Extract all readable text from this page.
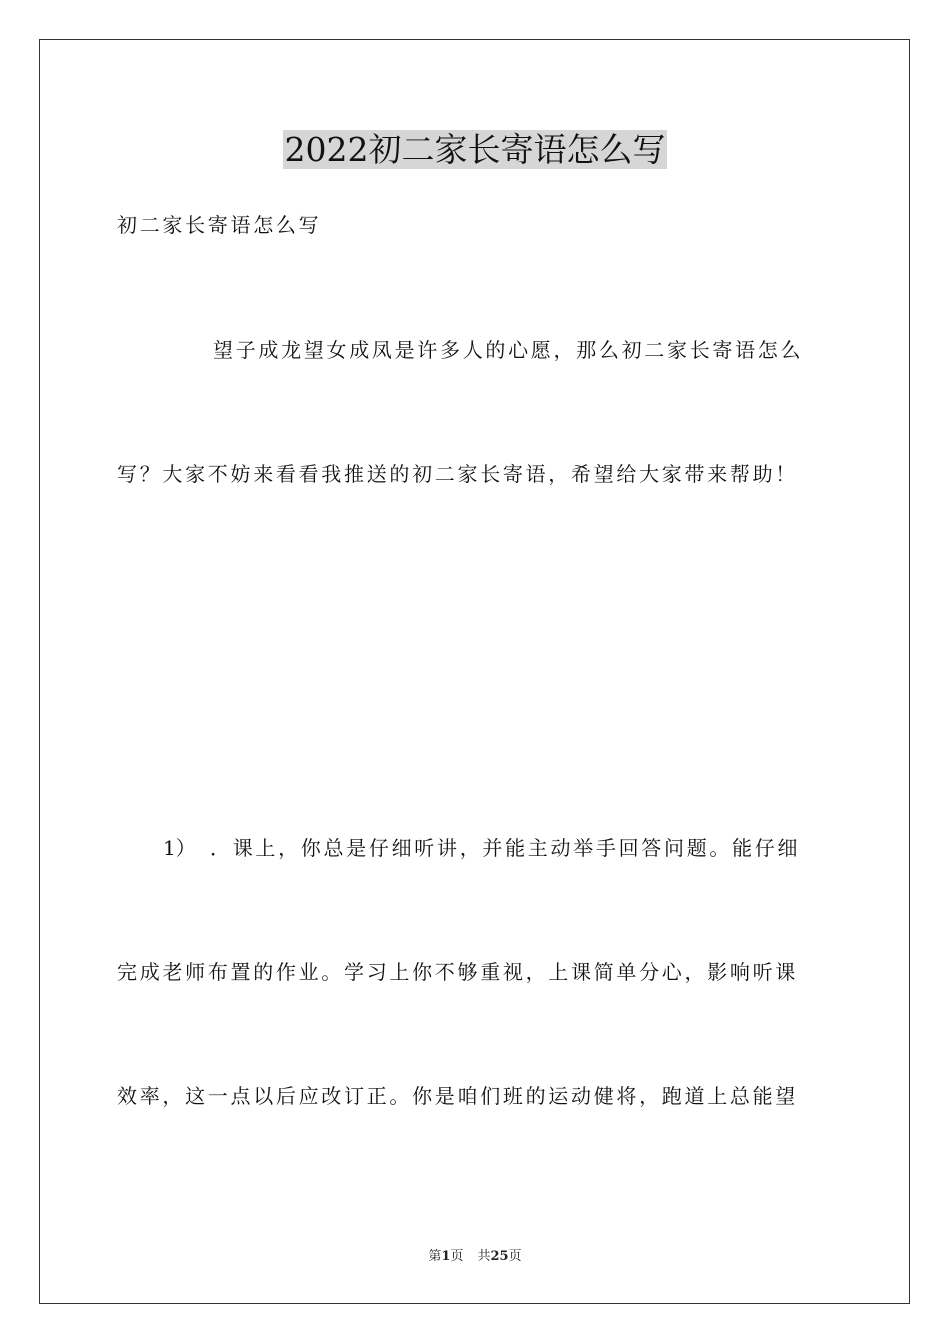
2022初二家长寄语怎么写
初二家长寄语怎么写
望子成龙望女成凤是许多人的心愿，那么初二家长寄语怎么
写？大家不妨来看看我推送的初二家长寄语，希望给大家带来帮助！
1） ．课上，你总是仔细听讲，并能主动举手回答问题。能仔细
完成老师布置的作业。学习上你不够重视，上课简单分心，影响听课
效率，这一点以后应改订正。你是咱们班的运动健将，跑道上总能望
第1页 共25页
